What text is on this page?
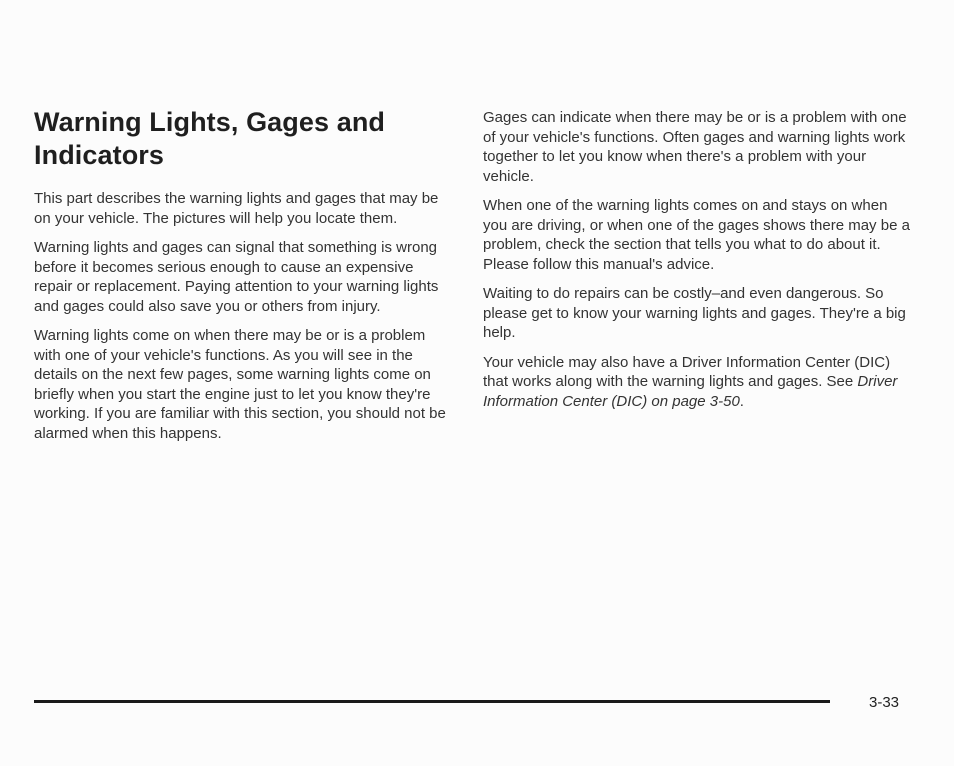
Warning Lights, Gages and Indicators

This part describes the warning lights and gages that may be on your vehicle. The pictures will help you locate them.

Warning lights and gages can signal that something is wrong before it becomes serious enough to cause an expensive repair or replacement. Paying attention to your warning lights and gages could also save you or others from injury.

Warning lights come on when there may be or is a problem with one of your vehicle's functions. As you will see in the details on the next few pages, some warning lights come on briefly when you start the engine just to let you know they're working. If you are familiar with this section, you should not be alarmed when this happens.

Gages can indicate when there may be or is a problem with one of your vehicle's functions. Often gages and warning lights work together to let you know when there's a problem with your vehicle.

When one of the warning lights comes on and stays on when you are driving, or when one of the gages shows there may be a problem, check the section that tells you what to do about it. Please follow this manual's advice.

Waiting to do repairs can be costly–and even dangerous. So please get to know your warning lights and gages. They're a big help.

Your vehicle may also have a Driver Information Center (DIC) that works along with the warning lights and gages. See Driver Information Center (DIC) on page 3-50.

3-33
